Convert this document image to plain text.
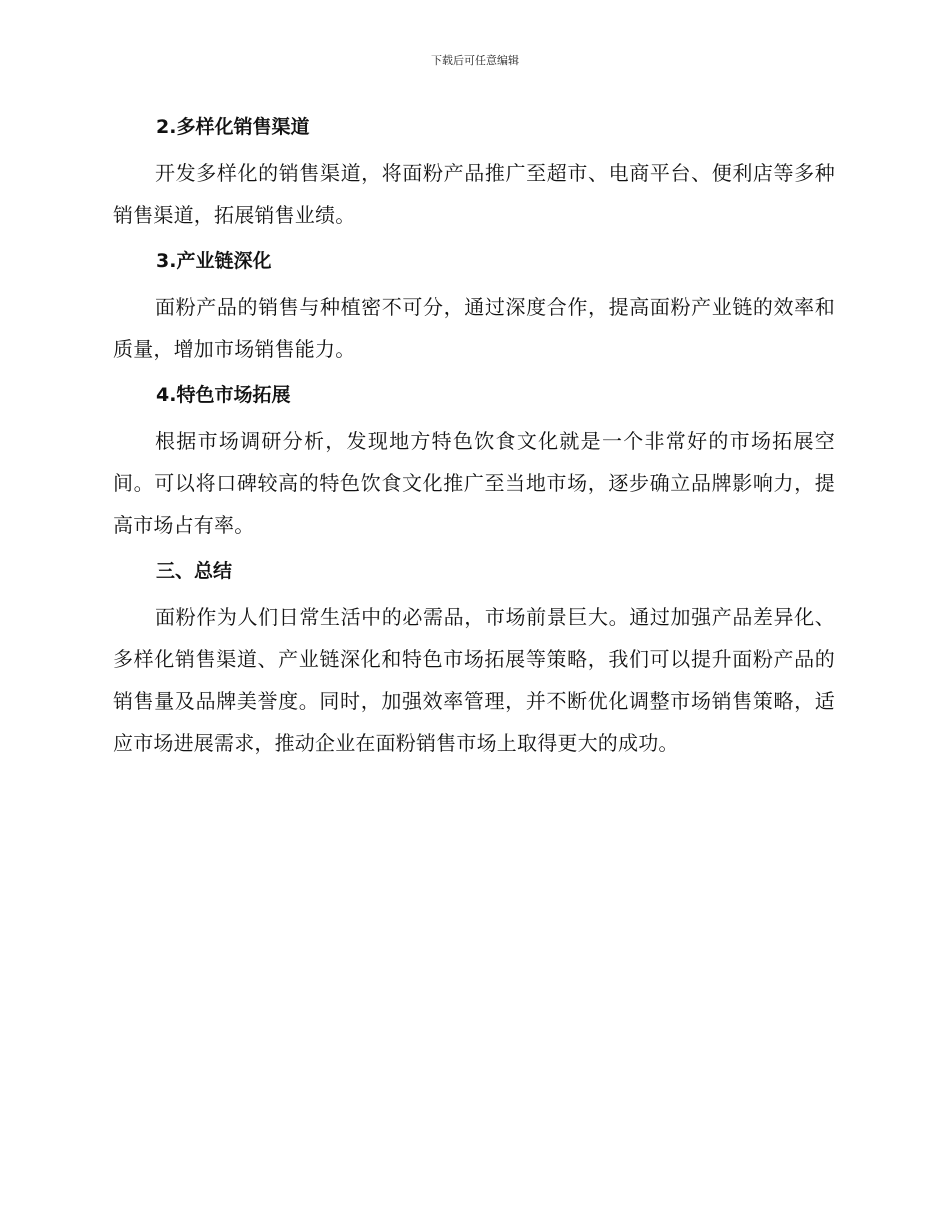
下载后可任意编辑
2.多样化销售渠道

开发多样化的销售渠道，将面粉产品推广至超市、电商平台、便利店等多种销售渠道，拓展销售业绩。

3.产业链深化

面粉产品的销售与种植密不可分，通过深度合作，提高面粉产业链的效率和质量，增加市场销售能力。

4.特色市场拓展

根据市场调研分析，发现地方特色饮食文化就是一个非常好的市场拓展空间。可以将口碑较高的特色饮食文化推广至当地市场，逐步确立品牌影响力，提高市场占有率。

三、总结

面粉作为人们日常生活中的必需品，市场前景巨大。通过加强产品差异化、多样化销售渠道、产业链深化和特色市场拓展等策略，我们可以提升面粉产品的销售量及品牌美誉度。同时，加强效率管理，并不断优化调整市场销售策略，适应市场进展需求，推动企业在面粉销售市场上取得更大的成功。
